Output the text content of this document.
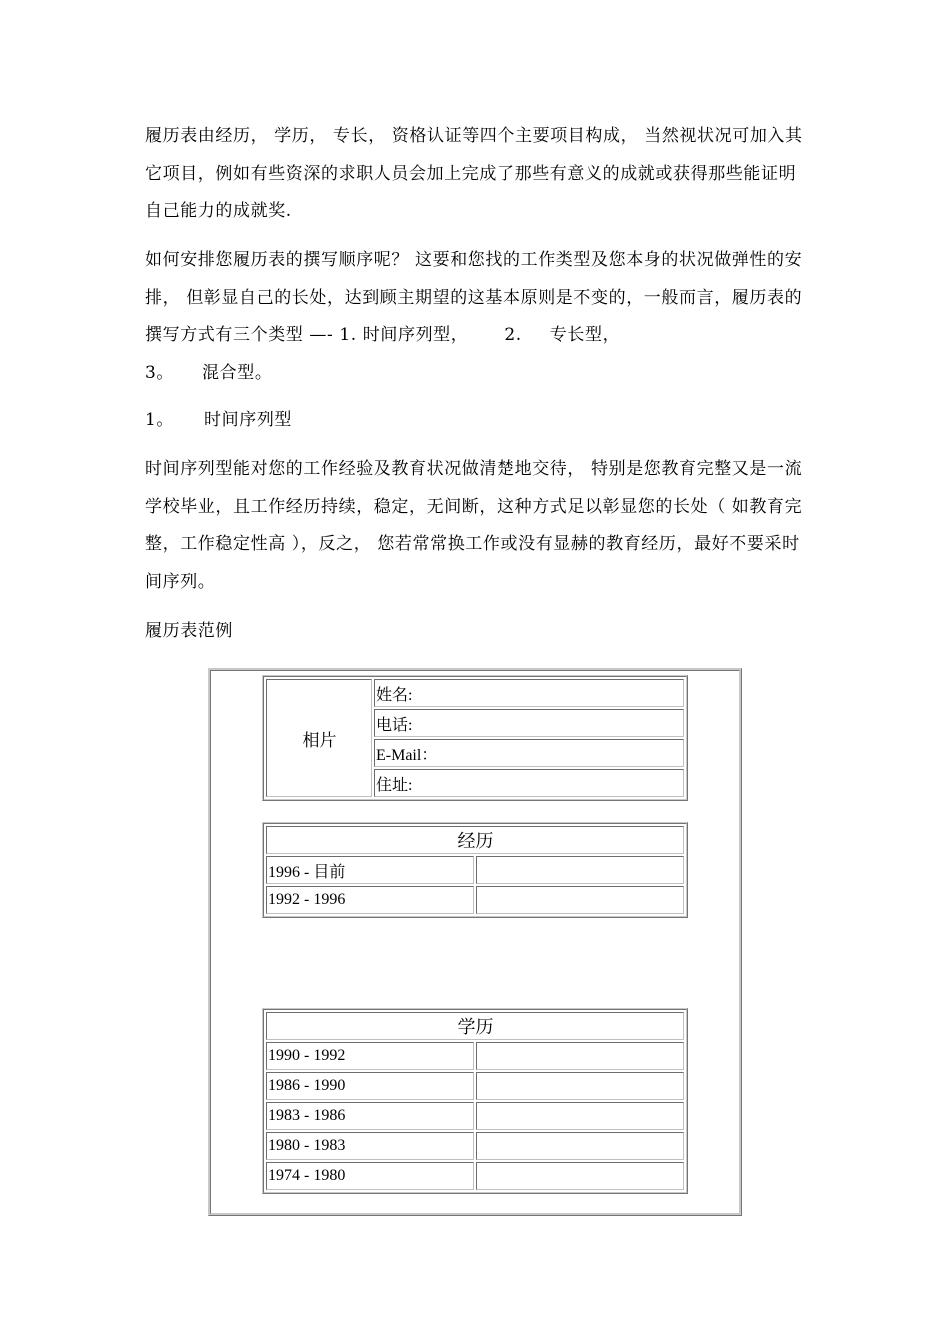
履历表由经历， 学历， 专长， 资格认证等四个主要项目构成， 当然视状况可加入其它项目，例如有些资深的求职人员会加上完成了那些有意义的成就或获得那些能证明自己能力的成就奖.

如何安排您履历表的撰写顺序呢？ 这要和您找的工作类型及您本身的状况做弹性的安排， 但彰显自己的长处，达到顾主期望的这基本原则是不变的，一般而言，履历表的撰写方式有三个类型 —- 1. 时间序列型， 2. 专长型，
3。 混合型。

1。 时间序列型

时间序列型能对您的工作经验及教育状况做清楚地交待， 特别是您教育完整又是一流学校毕业，且工作经历持续，稳定，无间断，这种方式足以彰显您的长处（ 如教育完整，工作稳定性高 ），反之， 您若常常换工作或没有显赫的教育经历，最好不要采时间序列。

履历表范例

相片	姓名:
电话:
E-Mail：
住址:
经历	
1996 - 目前	
1992 - 1996	
学历	
1990 - 1992	
1986 - 1990	
1983 - 1986	
1980 - 1983	
1974 - 1980	
